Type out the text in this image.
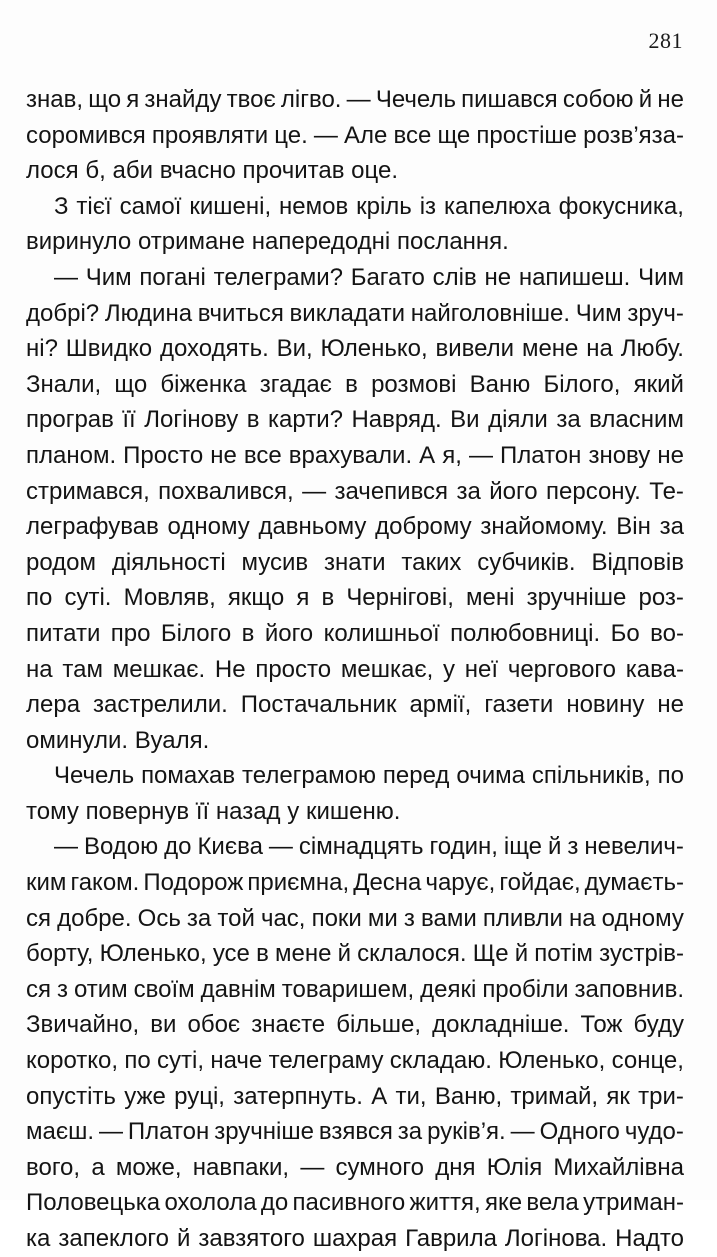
281
знав, що я знайду твоє лігво. — Чечель пишався собою й не
соромився проявляти це. — Але все ще простіше розв’яза-
лося б, аби вчасно прочитав оце.
З тієї самої кишені, немов кріль із капелюха фокусника,
виринуло отримане напередодні послання.
— Чим погані телеграми? Багато слів не напишеш. Чим
добрі? Людина вчиться викладати найголовніше. Чим зруч-
ні? Швидко доходять. Ви, Юленько, вивели мене на Любу.
Знали, що біженка згадає в розмові Ваню Білого, який
програв її Логінову в карти? Навряд. Ви діяли за власним
планом. Просто не все врахували. А я, — Платон знову не
стримався, похвалився, — зачепився за його персону. Те-
леграфував одному давньому доброму знайомому. Він за
родом діяльності мусив знати таких субчиків. Відповів
по суті. Мовляв, якщо я в Чернігові, мені зручніше роз-
питати про Білого в його колишньої полюбовниці. Бо во-
на там мешкає. Не просто мешкає, у неї чергового кава-
лера застрелили. Постачальник армії, газети новину не
оминули. Вуаля.
Чечель помахав телеграмою перед очима спільників, по
тому повернув її назад у кишеню.
— Водою до Києва — сімнадцять годин, іще й з невелич-
ким гаком. Подорож приємна, Десна чарує, гойдає, думаєть-
ся добре. Ось за той час, поки ми з вами пливли на одному
борту, Юленько, усе в мене й склалося. Ще й потім зустрів-
ся з отим своїм давнім товаришем, деякі пробіли заповнив.
Звичайно, ви обоє знаєте більше, докладніше. Тож буду
коротко, по суті, наче телеграму складаю. Юленько, сонце,
опустіть уже руці, затерпнуть. А ти, Ваню, тримай, як три-
маєш. — Платон зручніше взявся за руків’я. — Одного чудо-
вого, а може, навпаки, — сумного дня Юлія Михайлівна
Половецька охолола до пасивного життя, яке вела утриман-
ка запеклого й завзятого шахрая Гаврила Логінова. Надто
